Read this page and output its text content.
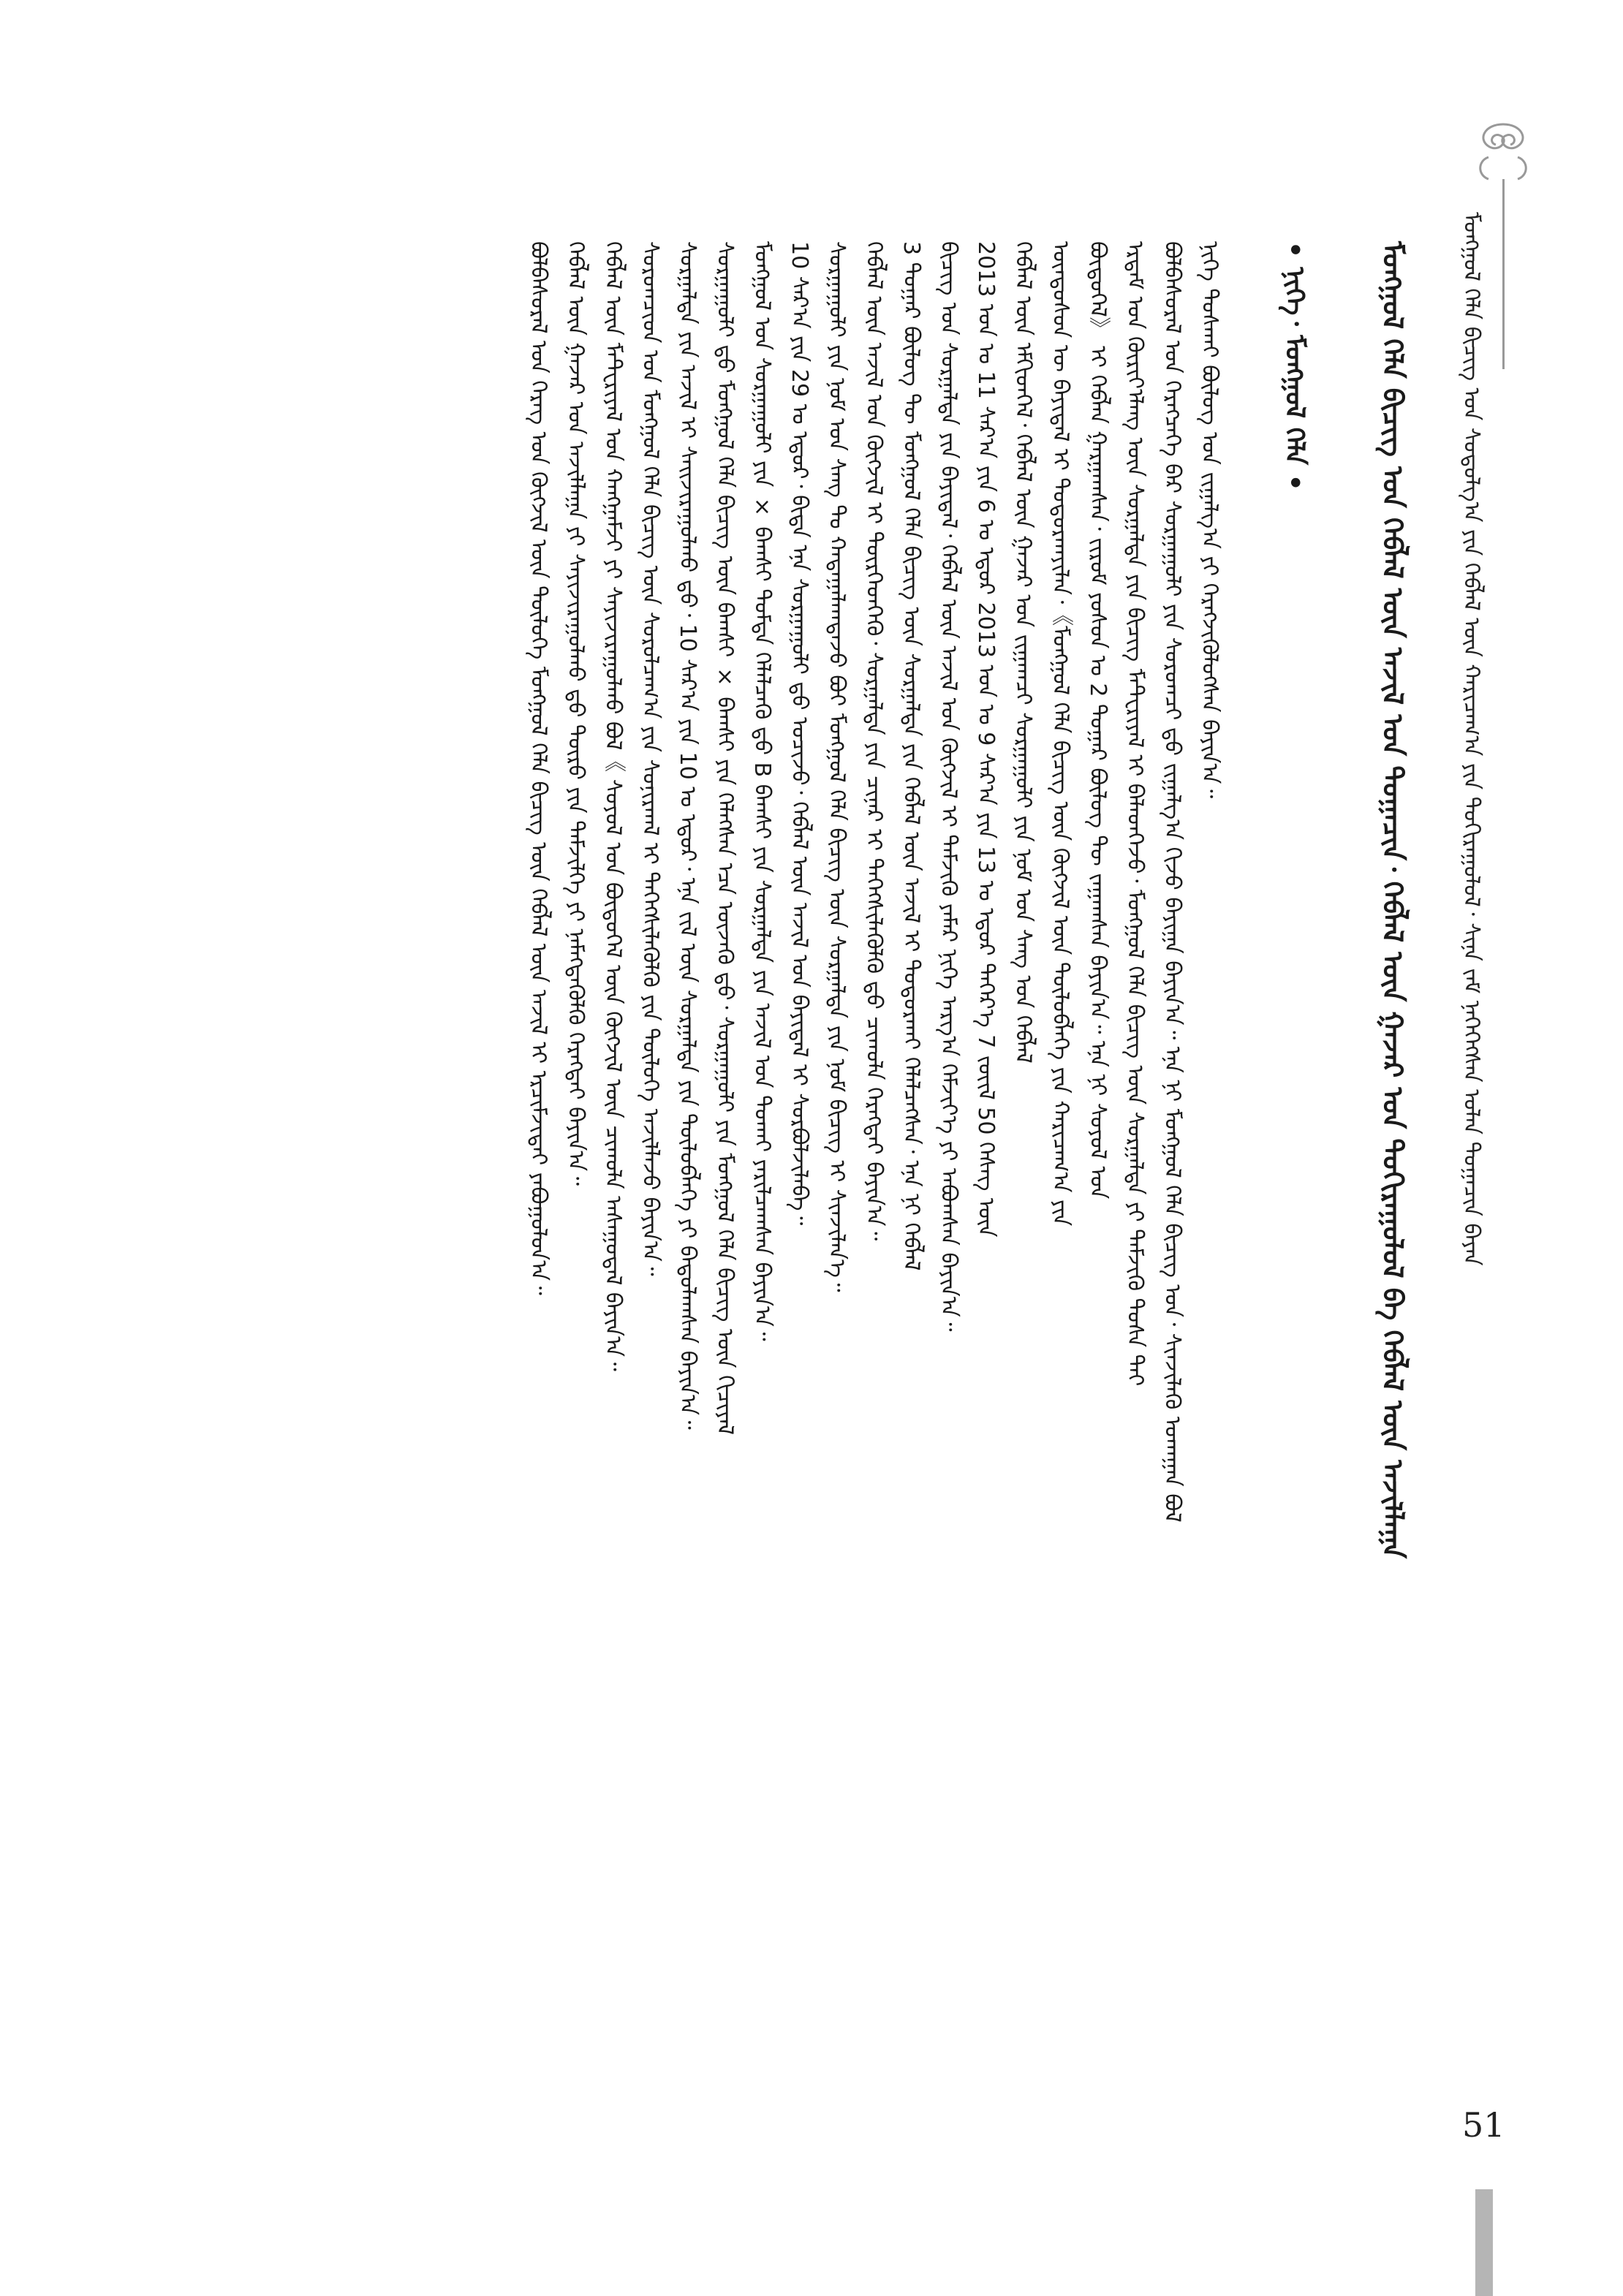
ᠮᠣᠩᠭᠣᠯ ᠬᠡᠯᠡ ᠪᠢᠴᠢᠭ ᠤᠨ ᠰᠤᠳᠤᠯᠭ᠎ᠠ ᠶᠢᠨ ᠬᠡᠪᠯᠡᠯ ᠦᠨ ᠬᠠᠷᠢᠴᠠᠭ᠎ᠠ ᠶᠢᠨ ᠲᠣᠬᠢᠷᠠᠭᠤᠯᠤᠯ᠂ ᠰᠢᠨᠡ ᠵᠠᠮ ᠨᠡᠭᠡᠭᠡᠭᠰᠡᠨ ᠣᠯᠠᠨ ᠲᠣᠭᠠᠴᠢᠨ ᠪᠠᠶᠠᠨ
ᠮᠣᠩᠭᠣᠯ ᠬᠡᠯᠡ ᠪᠢᠴᠢᠭ ᠤᠨ ᠬᠡᠪᠯᠡᠯ ᠦᠨ ᠠᠵᠢᠯ ᠤᠨ ᠲᠣᠭᠠᠴᠢᠨ᠂ ᠬᠡᠪᠯᠡᠯ ᠦᠨ ᠭᠠᠵᠠᠷ ᠤᠨ ᠲᠣᠬᠢᠷᠠᠭᠤᠯᠤᠯ ᠪᠠ ᠬᠡᠪᠯᠡᠯ ᠦᠨ ᠠᠵᠢᠯᠯᠠᠭᠠ
• ᠨᠢᠭᠡ᠂ ᠮᠣᠩᠭᠣᠯ ᠬᠡᠯᠡ •
ᠨᠢᠭᠡ ᠲᠤᠰᠬᠠᠢ ᠪᠦᠯᠦᠭ ᠤᠨ ᠵᠢᠭᠠᠯᠭ᠎ᠠ ᠶᠢ ᠬᠡᠷᠡᠭᠵᠢᠭᠦᠯᠦᠭᠰᠡᠨ ᠪᠠᠶᠢᠨ᠎ᠠ᠃
ᠪᠣᠯᠪᠠᠰᠤᠷᠠᠯ ᠤᠨ ᠬᠡᠷᠡᠭᠴᠡᠭᠡ ᠪᠡᠷ ᠰᠤᠷᠭᠠᠭᠤᠯᠢ ᠶᠢᠨ ᠰᠤᠷᠤᠭᠴᠢ ᠳ᠋ᠤ ᠵᠢᠭᠠᠯᠭ᠎ᠠ ᠬᠢᠵᠦ ᠪᠠᠶᠢᠭᠠ ᠪᠠᠶᠢᠨ᠎ᠠ᠃ ᠡᠨᠡ ᠨᠢ ᠮᠣᠩᠭᠣᠯ ᠬᠡᠯᠡ ᠪᠢᠴᠢᠭ ᠤᠨ᠂ ᠰᠢᠨᠵᠢᠯᠡᠬᠦ ᠤᠬᠠᠭᠠᠨ ᠪᠣᠯ
ᠡᠷᠳᠡᠮ ᠤᠨ ᠬᠦᠷᠢᠶ᠎ᠡᠯᠡᠩ ᠦᠨ ᠰᠤᠷᠭᠠᠯᠲᠠ ᠶᠢᠨ ᠪᠢᠴᠢᠭ ᠮᠠᠲ᠋ᠧᠷᠢᠶᠠᠯ ᠢ ᠪᠡᠯᠡᠳᠭᠡᠵᠦ᠂ ᠮᠣᠩᠭᠣᠯ ᠬᠡᠯᠡ ᠪᠢᠴᠢᠭ ᠦᠨ ᠰᠤᠷᠭᠠᠯᠲᠠ ᠶᠢ ᠳᠡᠮᠵᠢᠬᠦ ᠲᠤᠰᠠ ᠲᠠᠢ
ᠪᠦᠲᠦᠭᠡᠯ》 ᠢ ᠬᠡᠪᠯᠡᠨ ᠭᠠᠷᠭᠠᠭᠰᠠᠨ᠂ ᠵᠢᠷᠤᠮ ᠶᠣᠰᠤᠨ ᠤ 2 ᠳᠤᠭᠠᠷ ᠪᠦᠯᠦᠭ ᠲᠦ ᠵᠠᠭᠠᠭᠰᠠᠨ ᠪᠠᠶᠢᠨ᠎ᠠ᠃ ᠡᠨᠡ ᠨᠢ ᠰᠣᠶᠤᠯ ᠤᠨ
ᠦᠨᠳᠦᠰᠦᠨ ᠦ ᠪᠠᠶᠢᠳᠠᠯ ᠢ ᠲᠣᠳᠣᠷᠬᠠᠶᠢᠯᠠᠨ᠂《ᠮᠣᠩᠭᠣᠯ ᠬᠡᠯᠡ ᠪᠢᠴᠢᠭ ᠦᠨ ᠬᠦᠭᠵᠢᠯ ᠦᠨ ᠲᠥᠯᠥᠪᠯᠡᠭᠡ ᠶᠢᠨ ᠬᠠᠷᠢᠴᠠᠭ᠎ᠠ ᠶᠢᠨ
ᠬᠡᠪᠯᠡᠯ ᠦᠨ ᠡᠮᠬᠢᠳᠬᠡᠯ᠂ ᠬᠡᠪᠯᠡᠯ ᠦᠨ ᠭᠠᠵᠠᠷ ᠤᠨ ᠵᠢᠭᠠᠭᠴᠢ ᠰᠤᠷᠭᠠᠭᠤᠯᠢ ᠶᠢᠨ ᠨᠣᠮ ᠤᠨ ᠰᠠᠩ ᠤᠨ ᠬᠡᠪᠯᠡᠯ
2013 ᠣᠨ ᠤ 11 ᠰᠠᠷ᠎ᠠ ᠶᠢᠨ 6 ᠤ ᠡᠳᠦᠷ 2013 ᠣᠨ ᠤ 9 ᠰᠠᠷ᠎ᠠ ᠶᠢᠨ 13 ᠤ ᠡᠳᠦᠷ ᠳᠡᠭᠡᠷ᠎ᠡ 7 ᠵᠦᠢᠯ 50 ᠬᠡᠰᠡᠭ ᠦᠨ
ᠪᠢᠴᠢᠭ ᠤᠨ ᠰᠤᠷᠭᠠᠯᠲᠠ ᠶᠢᠨ ᠪᠠᠶᠢᠳᠠᠯ᠂ ᠬᠡᠪᠯᠡᠯ ᠦᠨ ᠠᠵᠢᠯ ᠤᠨ ᠬᠥᠭᠵᠢᠯ ᠢ ᠳᠡᠮᠵᠢᠬᠦ ᠶᠠᠮᠠᠷ ᠨᠢᠭᠡ ᠠᠷᠭ᠎ᠠ ᠬᠡᠮᠵᠢᠶ᠎ᠡ ᠶᠢ ᠠᠪᠤᠭᠰᠠᠨ ᠪᠠᠶᠢᠨ᠎ᠠ᠃
3 ᠳᠤᠭᠠᠷ ᠪᠦᠯᠦᠭ ᠲᠦ ᠮᠣᠩᠭᠣᠯ ᠬᠡᠯᠡ ᠪᠢᠴᠢᠭ ᠦᠨ ᠰᠤᠷᠭᠠᠯᠲᠠ ᠶᠢᠨ ᠬᠡᠪᠯᠡᠯ ᠦᠨ ᠠᠵᠢᠯ ᠢ ᠲᠣᠳᠣᠷᠬᠠᠢ ᠬᠡᠯᠡᠯᠴᠡᠭᠰᠡᠨ᠂ ᠡᠨᠡ ᠨᠢ ᠬᠡᠪᠯᠡᠯ
ᠬᠡᠪᠯᠡᠯ ᠦᠨ ᠠᠵᠢᠯ ᠤᠨ ᠬᠥᠭᠵᠢᠯ ᠢ ᠲᠦᠷᠭᠡᠳᠬᠡᠬᠦ᠂ ᠰᠤᠷᠭᠠᠯᠲᠠ ᠶᠢᠨ ᠴᠢᠨᠠᠷ ᠢ ᠳᠡᠭᠡᠭᠰᠢᠯᠡᠭᠦᠯᠬᠦ ᠳ᠋ᠤ ᠴᠢᠬᠤᠯᠠ ᠬᠡᠷᠡᠭᠲᠡᠢ ᠪᠠᠶᠢᠨ᠎ᠠ᠃
ᠰᠤᠷᠭᠠᠭᠤᠯᠢ ᠶᠢᠨ ᠨᠣᠮ ᠤᠨ ᠰᠠᠩ ᠲᠤ ᠬᠠᠳᠠᠭᠠᠯᠠᠭᠳᠠᠵᠤ ᠪᠤᠢ ᠮᠣᠩᠭᠣᠯ ᠬᠡᠯᠡ ᠪᠢᠴᠢᠭ ᠦᠨ ᠰᠤᠷᠭᠠᠯᠲᠠ ᠶᠢᠨ ᠨᠣᠮ ᠪᠢᠴᠢᠭ ᠢ ᠰᠢᠨᠵᠢᠯᠡᠨ᠎ᠡ᠃
10 ᠰᠠᠷ᠎ᠠ ᠶᠢᠨ 29 ᠤ ᠡᠳᠦᠷ᠂ ᠪᠢᠳᠡ ᠡᠨᠡ ᠰᠤᠷᠭᠠᠭᠤᠯᠢ ᠳ᠋ᠤ ᠣᠴᠢᠵᠤ᠂ ᠬᠡᠪᠯᠡᠯ ᠦᠨ ᠠᠵᠢᠯ ᠤᠨ ᠪᠠᠶᠢᠳᠠᠯ ᠢ ᠰᠤᠷᠪᠤᠯᠵᠢᠯᠠᠪᠠ᠃
ᠮᠣᠩᠭᠣᠯ ᠤᠨ ᠰᠤᠷᠭᠠᠭᠤᠯᠢ ᠶᠢᠨ × ᠪᠠᠭᠰᠢ ᠳᠤᠮᠳᠠ ᠬᠡᠯᠡᠯᠴᠡᠬᠦ ᠳ᠋ᠦ B ᠪᠠᠭᠰᠢ ᠶᠢᠨ ᠰᠤᠷᠭᠠᠯᠲᠠ ᠶᠢᠨ ᠠᠵᠢᠯ ᠤᠨ ᠲᠤᠬᠠᠢ ᠶᠠᠷᠢᠯᠴᠠᠭᠰᠠᠨ ᠪᠠᠶᠢᠨ᠎ᠠ᠃
ᠰᠤᠷᠭᠠᠭᠤᠯᠢ ᠳ᠋ᠤ ᠮᠣᠩᠭᠣᠯ ᠬᠡᠯᠡ ᠪᠢᠴᠢᠭ ᠦᠨ ᠪᠠᠭᠰᠢ × ᠪᠠᠭᠰᠢ ᠶᠢᠨ ᠬᠡᠯᠡᠭᠰᠡᠨ ᠡᠴᠡ ᠦᠵᠡᠬᠦ ᠳ᠋ᠦ᠂ ᠰᠤᠷᠭᠠᠭᠤᠯᠢ ᠶᠢᠨ ᠮᠣᠩᠭᠣᠯ ᠬᠡᠯᠡ ᠪᠢᠴᠢᠭ ᠦᠨ ᠬᠢᠴᠢᠶᠡᠯ
ᠰᠤᠷᠭᠠᠯᠲᠠ ᠶᠢᠨ ᠠᠵᠢᠯ ᠢ ᠰᠠᠢᠵᠢᠷᠠᠭᠤᠯᠬᠤ ᠳ᠋ᠤ᠂ 10 ᠰᠠᠷ᠎ᠠ ᠶᠢᠨ 10 ᠤ ᠡᠳᠦᠷ᠂ ᠡᠨᠡ ᠵᠢᠯ ᠦᠨ ᠰᠤᠷᠭᠠᠯᠲᠠ ᠶᠢᠨ ᠲᠥᠯᠥᠪᠯᠡᠭᠡ ᠶᠢ ᠪᠠᠲᠤᠯᠠᠭᠰᠠᠨ ᠪᠠᠶᠢᠨ᠎ᠠ᠃
ᠰᠤᠷᠤᠭᠴᠢᠳ ᠤᠨ ᠮᠣᠩᠭᠣᠯ ᠬᠡᠯᠡ ᠪᠢᠴᠢᠭ ᠦᠨ ᠰᠤᠷᠤᠯᠴᠠᠭ᠎ᠠ ᠶᠢᠨ ᠰᠣᠨᠢᠷᠬᠠᠯ ᠢ ᠳᠡᠭᠡᠭᠰᠢᠯᠡᠭᠦᠯᠬᠦ ᠶᠢᠨ ᠲᠥᠯᠥᠭᠡ ᠠᠵᠢᠯᠯᠠᠵᠤ ᠪᠠᠶᠢᠨ᠎ᠠ᠃
ᠬᠡᠪᠯᠡᠯ ᠦᠨ ᠮᠠᠲ᠋ᠧᠷᠢᠶᠠᠯ ᠤᠨ ᠬᠠᠩᠭᠠᠮᠵᠢ ᠶᠢ ᠰᠠᠶᠢᠵᠢᠷᠠᠭᠤᠯᠬᠤ ᠪᠣᠯ《 ᠰᠣᠶᠤᠯ ᠤᠨ ᠪᠦᠲᠦᠭᠡᠯ ᠦᠨ ᠬᠥᠭᠵᠢᠯ ᠦᠨ ᠴᠢᠬᠤᠯᠠ ᠠᠰᠠᠭᠤᠳᠠᠯ ᠪᠠᠶᠢᠨ᠎ᠠ᠃
ᠬᠡᠪᠯᠡᠯ ᠦᠨ ᠭᠠᠵᠠᠷ ᠤᠨ ᠠᠵᠢᠯᠯᠠᠭᠠ ᠶᠢ ᠰᠠᠶᠢᠵᠢᠷᠠᠭᠤᠯᠬᠤ ᠳ᠋ᠤ ᠲᠥᠷᠦ ᠶᠢᠨ ᠳᠡᠮᠵᠢᠯᠭᠡ ᠶᠢ ᠨᠡᠮᠡᠭᠳᠡᠭᠦᠯᠬᠦ ᠬᠡᠷᠡᠭᠲᠡᠢ ᠪᠠᠶᠢᠨ᠎ᠠ᠃
ᠪᠣᠯᠪᠠᠰᠤᠷᠠᠯ ᠤᠨ ᠬᠡᠷᠡᠭ ᠤᠨ ᠬᠥᠭᠵᠢᠯ ᠦᠨ ᠲᠥᠯᠥᠭᠡ ᠮᠣᠩᠭᠣᠯ ᠬᠡᠯᠡ ᠪᠢᠴᠢᠭ ᠦᠨ ᠬᠡᠪᠯᠡᠯ ᠦᠨ ᠠᠵᠢᠯ ᠢ ᠡᠷᠴᠢᠮᠵᠢᠲᠡᠢ ᠶᠠᠪᠤᠭᠤᠯᠤᠨ᠎ᠠ᠃
51
